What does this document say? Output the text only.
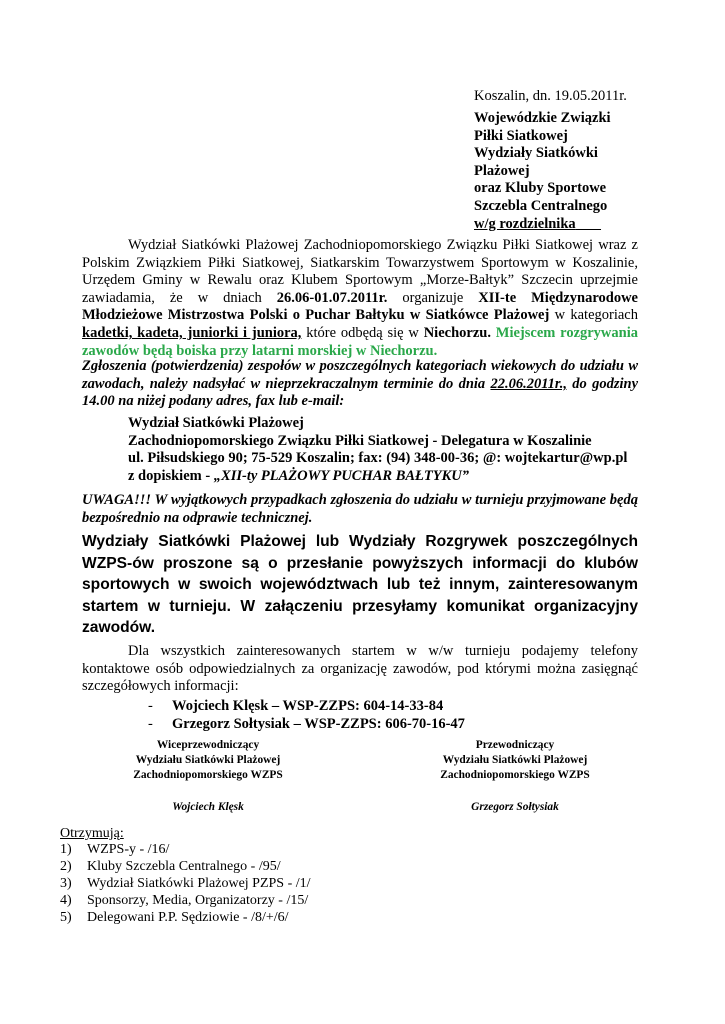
Koszalin, dn. 19.05.2011r.
Wojewódzkie Związki
Piłki Siatkowej
Wydziały Siatkówki
Plażowej
oraz Kluby Sportowe
Szczebla Centralnego
w/g rozdzielnika
Wydział Siatkówki Plażowej Zachodniopomorskiego Związku Piłki Siatkowej wraz z Polskim Związkiem Piłki Siatkowej, Siatkarskim Towarzystwem Sportowym w Koszalinie, Urzędem Gminy w Rewalu oraz Klubem Sportowym „Morze-Bałtyk” Szczecin uprzejmie zawiadamia, że w dniach 26.06-01.07.2011r. organizuje XII-te Międzynarodowe Młodzieżowe Mistrzostwa Polski o Puchar Bałtyku w Siatkówce Plażowej w kategoriach kadetki, kadeta, juniorki i juniora, które odbędą się w Niechorzu. Miejscem rozgrywania zawodów będą boiska przy latarni morskiej w Niechorzu.
Zgłoszenia (potwierdzenia) zespołów w poszczególnych kategoriach wiekowych do udziału w zawodach, należy nadsyłać w nieprzekraczalnym terminie do dnia 22.06.2011r., do godziny 14.00 na niżej podany adres, fax lub e-mail:
Wydział Siatkówki Plażowej
Zachodniopomorskiego Związku Piłki Siatkowej - Delegatura w Koszalinie
ul. Piłsudskiego 90; 75-529 Koszalin; fax: (94) 348-00-36; @: wojtekartur@wp.pl
z dopiskiem - „XII-ty PLAŻOWY PUCHAR BAŁTYKU”
UWAGA!!! W wyjątkowych przypadkach zgłoszenia do udziału w turnieju przyjmowane będą bezpośrednio na odprawie technicznej.
Wydziały Siatkówki Plażowej lub Wydziały Rozgrywek poszczególnych WZPS-ów proszone są o przesłanie powyższych informacji do klubów sportowych w swoich województwach lub też innym, zainteresowanym startem w turnieju. W załączeniu przesyłamy komunikat organizacyjny zawodów.
Dla wszystkich zainteresowanych startem w w/w turnieju podajemy telefony kontaktowe osób odpowiedzialnych za organizację zawodów, pod którymi można zasięgnąć szczegółowych informacji:
- Wojciech Klęsk – WSP-ZZPS: 604-14-33-84
- Grzegorz Sołtysiak – WSP-ZZPS: 606-70-16-47
Wiceprzewodniczący
Wydziału Siatkówki Plażowej
Zachodniopomorskiego WZPS
Wojciech Klęsk
Przewodniczący
Wydziału Siatkówki Plażowej
Zachodniopomorskiego WZPS
Grzegorz Sołtysiak
Otrzymują:
1) WZPS-y - /16/
2) Kluby Szczebla Centralnego - /95/
3) Wydział Siatkówki Plażowej PZPS - /1/
4) Sponsorzy, Media, Organizatorzy - /15/
5) Delegowani P.P. Sędziowie - /8/+/6/
